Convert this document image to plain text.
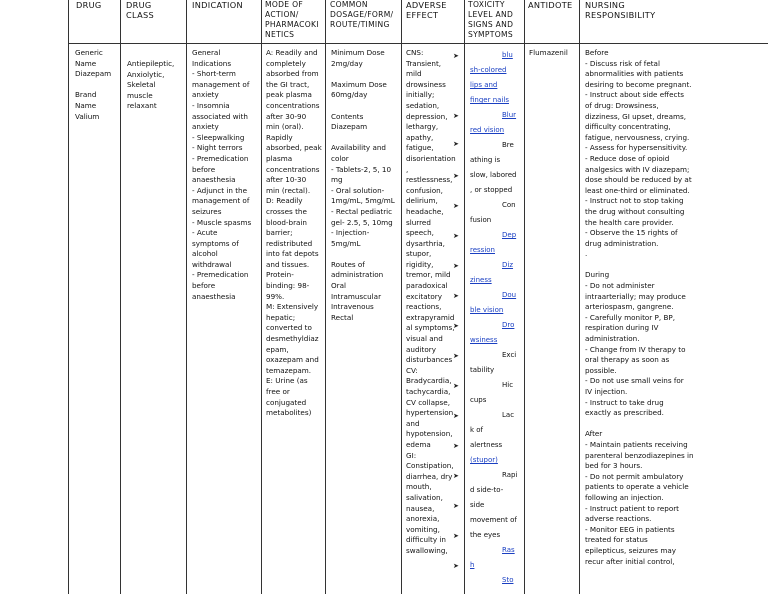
DRUG	DRUG
CLASS
INDICATION	MODE OF
ACTION/
PHARMACOKI
NETICS
COMMON
DOSAGE/FORM/
ROUTE/TIMING
ADVERSE
EFFECT
TOXICITY
LEVEL AND
SIGNS AND
SYMPTOMS
ANTIDOTE NURSING
RESPONSIBILITY
Generic
Name
Diazepam

Brand
Name
Valium
Antiepileptic,
Anxiolytic,
Skeletal
muscle
relaxant
General
Indications
- Short-term
management of
anxiety
- Insomnia
associated with
anxiety
- Sleepwalking
- Night terrors
- Premedication
before
anaesthesia
- Adjunct in the
management of
seizures
- Muscle spasms
- Acute
symptoms of
alcohol
withdrawal
- Premedication
before
anaesthesia
A: Readily and
completely
absorbed from
the GI tract,
peak plasma
concentrations
after 30-90
min (oral).
Rapidly
absorbed, peak
plasma
concentrations
after 10-30
min (rectal).
D: Readily
crosses the
blood-brain
barrier;
redistributed
into fat depots
and tissues.
Protein-
binding: 98-
99%.
M: Extensively
hepatic;
converted to
desmethyldiaz
epam,
oxazepam and
temazepam.
E: Urine (as
free or
conjugated
metabolites)
Minimum Dose
2mg/day

Maximum Dose
60mg/day

Contents
Diazepam

Availability and
color
- Tablets-2, 5, 10
mg
- Oral solution-
1mg/mL, 5mg/mL
- Rectal pediatric
gel- 2.5, 5, 10mg
- Injection-
5mg/mL

Routes of
administration
Oral
Intramuscular
Intravenous
Rectal
CNS:
Transient,
mild
drowsiness
initially;
sedation,
depression,
lethargy,
apathy,
fatigue,
disorientation
,
restlessness,
confusion,
delirium,
headache,
slurred
speech,
dysarthria,
stupor,
rigidity,
tremor, mild
paradoxical
excitatory
reactions,
extrapyramid
al symptoms,
visual and
auditory
disturbances
CV:
Bradycardia,
tachycardia,
CV collapse,
hypertension
and
hypotension,
edema
GI:
Constipation,
diarrhea, dry
mouth,
salivation,
nausea,
anorexia,
vomiting,
difficulty in
swallowing,
➤
➤
➤
➤
➤
➤
➤
➤
➤
➤
➤
➤
➤
➤
➤
➤
➤
blu
sh-colored
lips and
finger nails
Blur
red vision
Bre
athing is
slow, labored
, or stopped
Con
fusion
Dep
ression
Diz
ziness
Dou
ble vision
Dro
wsiness
Exci
tability
Hic
cups
Lac
k of
alertness
(stupor)
Rapi
d side-to-
side
movement of
the eyes
Ras
h
Sto
Flumazenil Before
- Discuss risk of fetal
abnormalities with patients
desiring to become pregnant.
- Instruct about side effects
of drug: Drowsiness,
dizziness, GI upset, dreams,
difficulty concentrating,
fatigue, nervousness, crying.
- Assess for hypersensitivity.
- Reduce dose of opioid
analgesics with IV diazepam;
dose should be reduced by at
least one-third or eliminated.
- Instruct not to stop taking
the drug without consulting
the health care provider.
- Observe the 15 rights of
drug administration.
.

During
- Do not administer
intraarterially; may produce
arteriospasm, gangrene.
- Carefully monitor P, BP,
respiration during IV
administration.
- Change from IV therapy to
oral therapy as soon as
possible.
- Do not use small veins for
IV injection.
- Instruct to take drug
exactly as prescribed.

After
- Maintain patients receiving
parenteral benzodiazepines in
bed for 3 hours.
- Do not permit ambulatory
patients to operate a vehicle
following an injection.
- Instruct patient to report
adverse reactions.
- Monitor EEG in patients
treated for status
epilepticus, seizures may
recur after initial control,
